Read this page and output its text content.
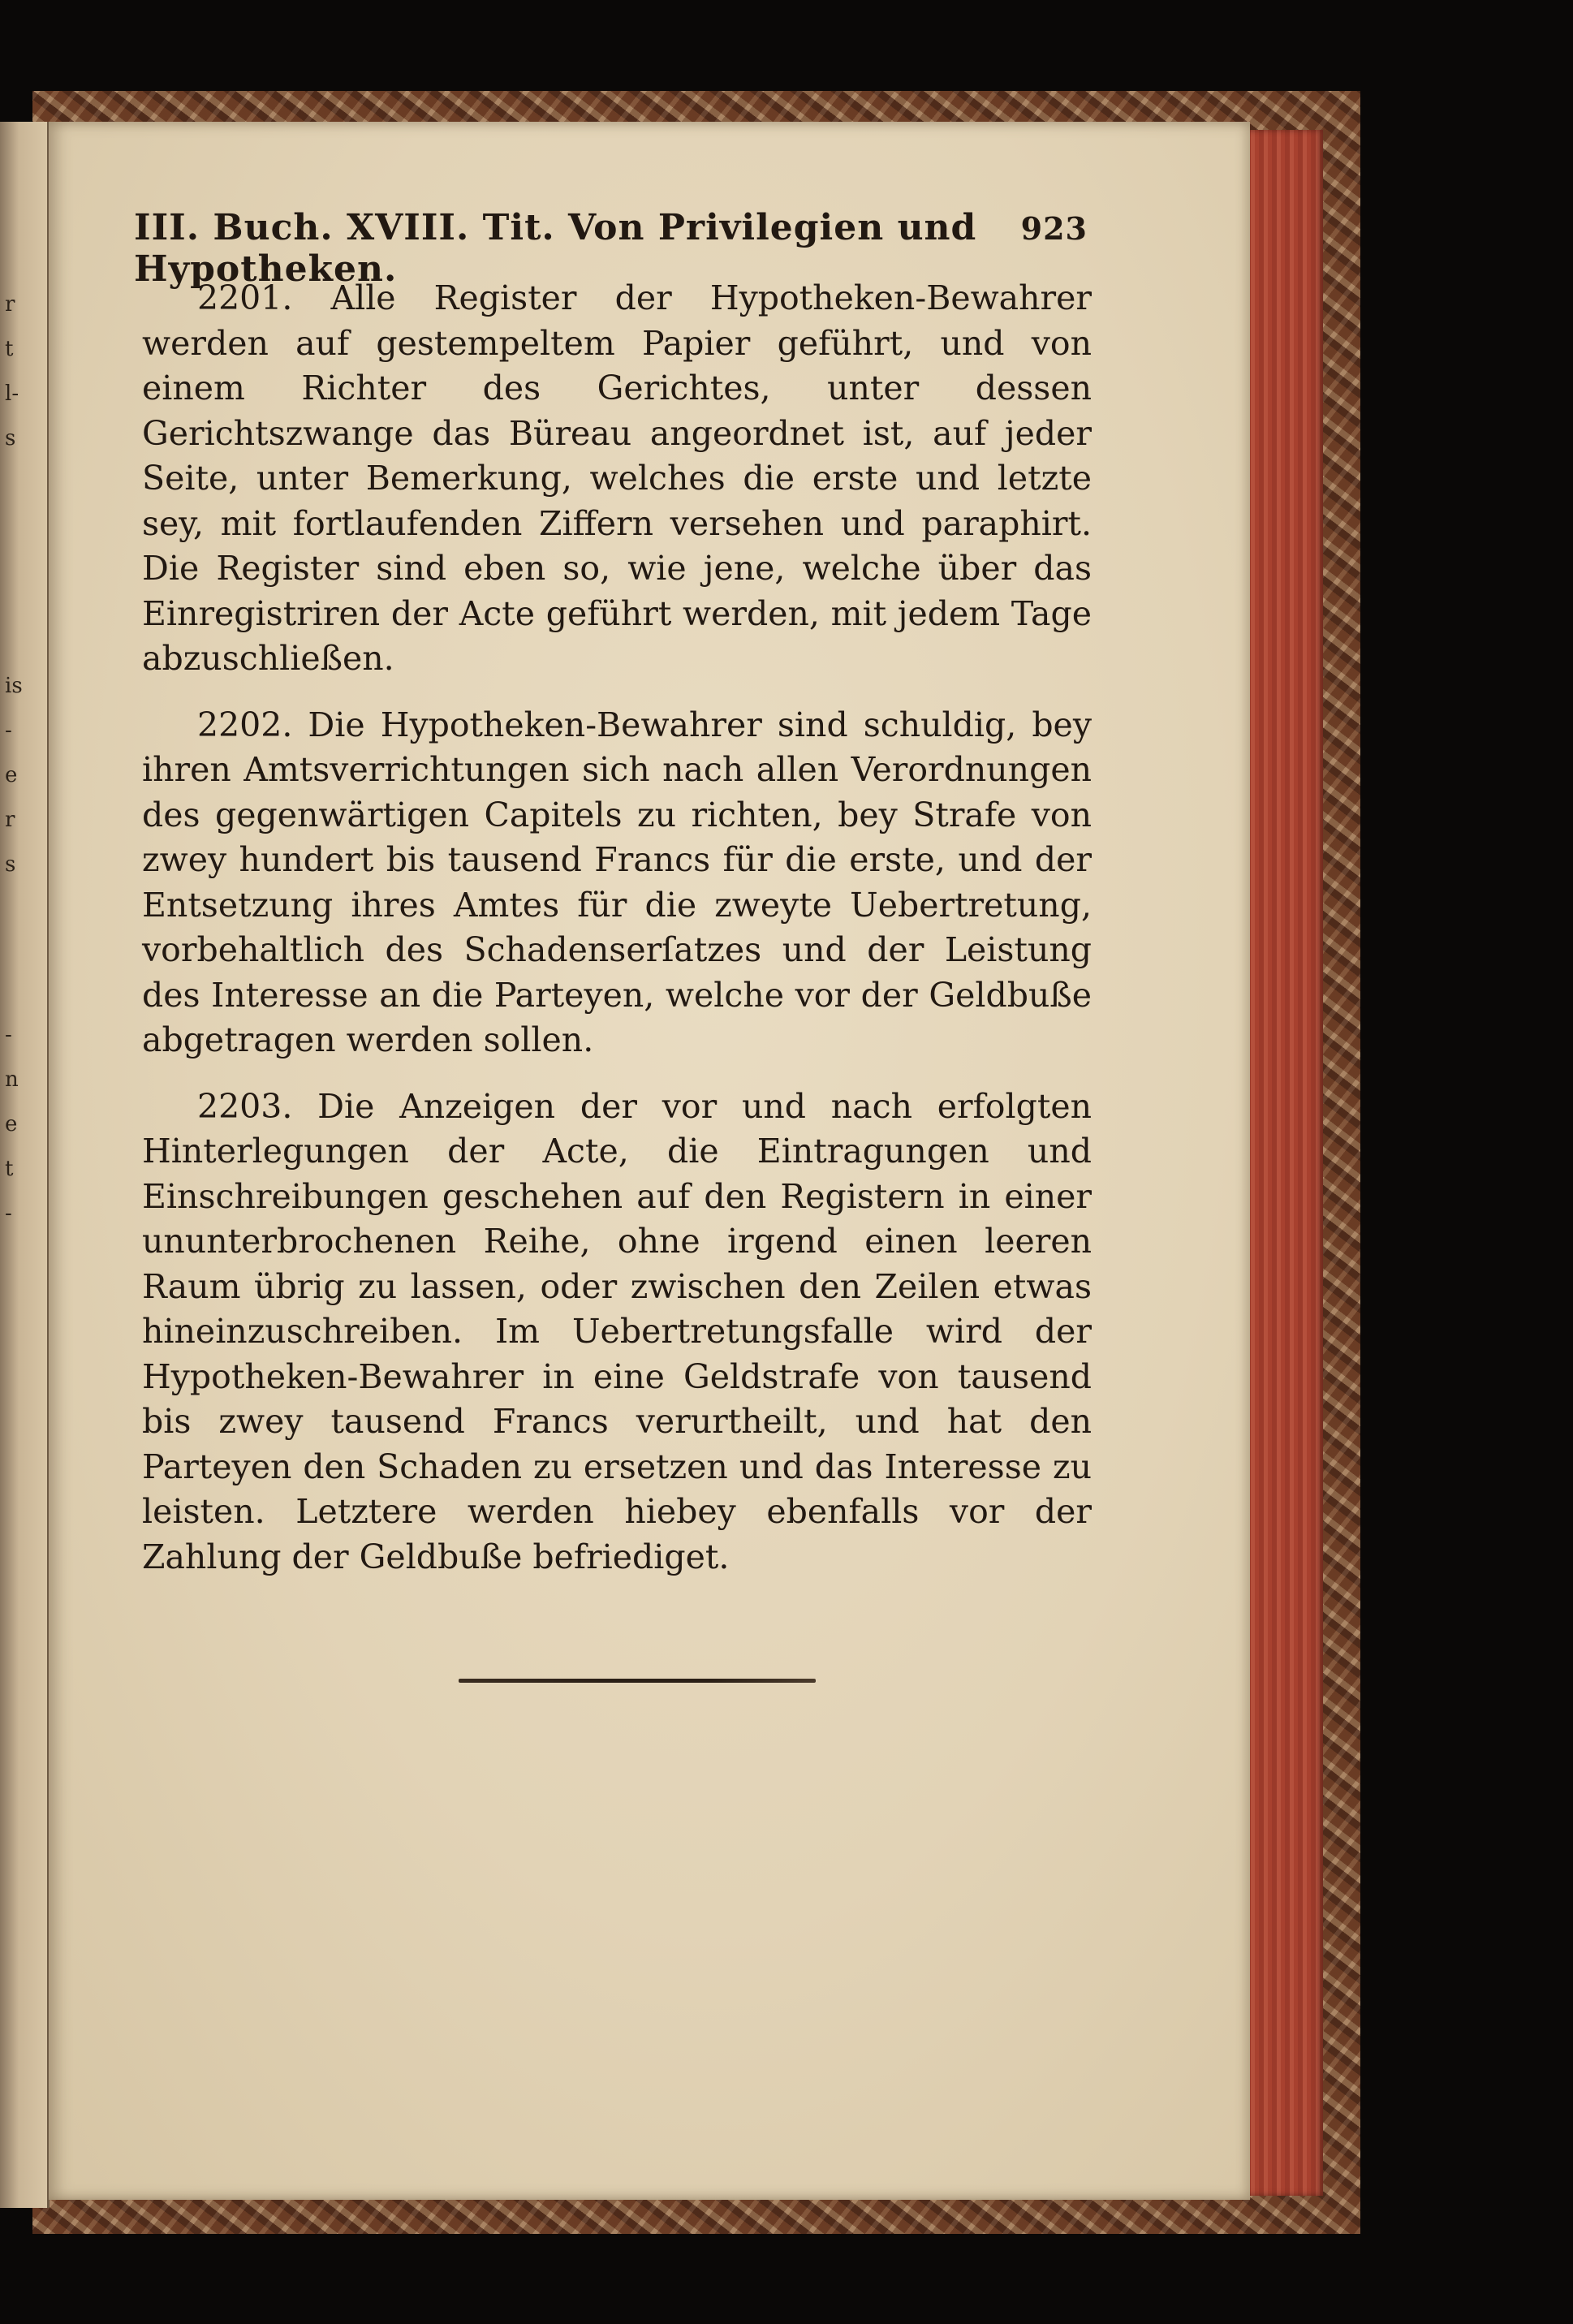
r
t
l-
s
is
-
e
r
s
-
n
e
t
-
III. Buch. XVIII. Tit. Von Privilegien und Hypotheken.
923

2201. Alle Register der Hypotheken-Bewahrer werden auf gestempeltem Papier geführt, und von einem Richter des Gerichtes, unter dessen Gerichtszwange das Büreau angeordnet ist, auf jeder Seite, unter Bemerkung, welches die erste und letzte sey, mit fortlaufenden Ziffern versehen und paraphirt. Die Register sind eben so, wie jene, welche über das Einregistriren der Acte geführt werden, mit jedem Tage abzuschließen.

2202. Die Hypotheken-Bewahrer sind schuldig, bey ihren Amtsverrichtungen sich nach allen Verordnungen des gegenwärtigen Capitels zu richten, bey Strafe von zwey hundert bis tausend Francs für die erste, und der Entsetzung ihres Amtes für die zweyte Uebertretung, vorbehaltlich des Schadenserſatzes und der Leistung des Interesse an die Parteyen, welche vor der Geldbuße abgetragen werden sollen.

2203. Die Anzeigen der vor und nach erfolgten Hinterlegungen der Acte, die Eintragungen und Einschreibungen geschehen auf den Registern in einer ununterbrochenen Reihe, ohne irgend einen leeren Raum übrig zu lassen, oder zwischen den Zeilen etwas hineinzuschreiben. Im Uebertretungsfalle wird der Hypotheken-Bewahrer in eine Geldstrafe von tausend bis zwey tausend Francs verurtheilt, und hat den Parteyen den Schaden zu ersetzen und das Interesse zu leisten. Letztere werden hiebey ebenfalls vor der Zahlung der Geldbuße befriediget.
